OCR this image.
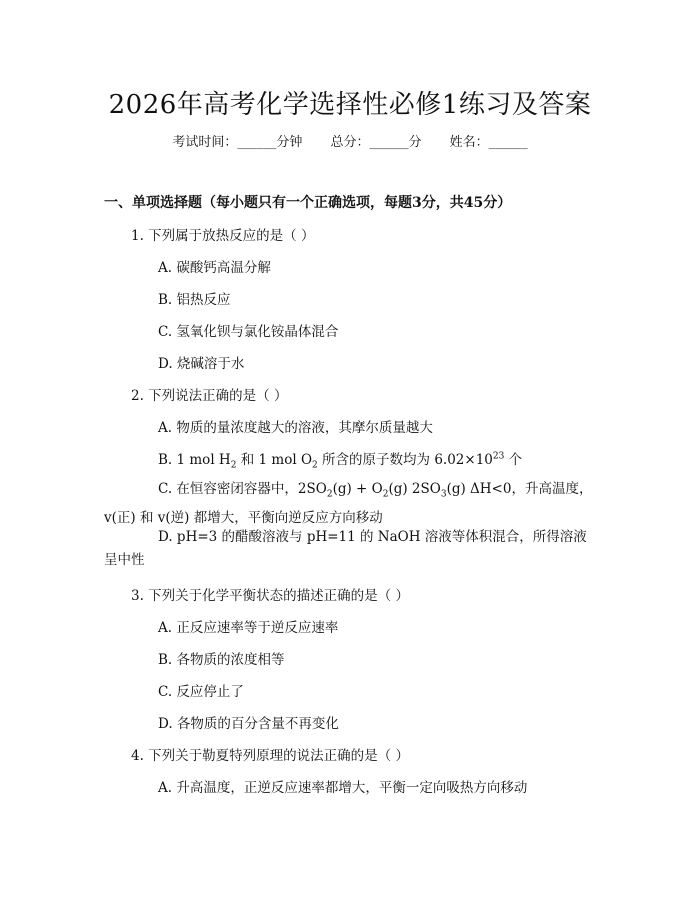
2026年高考化学选择性必修1练习及答案
考试时间：______分钟 总分：______分 姓名：______
一、单项选择题（每小题只有一个正确选项，每题3分，共45分）
1. 下列属于放热反应的是（ ）
A. 碳酸钙高温分解
B. 铝热反应
C. 氢氧化钡与氯化铵晶体混合
D. 烧碱溶于水
2. 下列说法正确的是（ ）
A. 物质的量浓度越大的溶液，其摩尔质量越大
B. 1 mol $H_2$ 和 1 mol $O_2$ 所含的原子数均为 $6.02\times 10^{23}$ 个
C. 在恒容密闭容器中，$2SO_2(g) + O_2(g)$ $2SO_3(g)$ ΔH<0，升高温度，v(正) 和 v(逆) 都增大，平衡向逆反应方向移动
D. pH=3 的醋酸溶液与 pH=11 的 NaOH 溶液等体积混合，所得溶液呈中性
3. 下列关于化学平衡状态的描述正确的是（ ）
A. 正反应速率等于逆反应速率
B. 各物质的浓度相等
C. 反应停止了
D. 各物质的百分含量不再变化
4. 下列关于勒夏特列原理的说法正确的是（ ）
A. 升高温度，正逆反应速率都增大，平衡一定向吸热方向移动
